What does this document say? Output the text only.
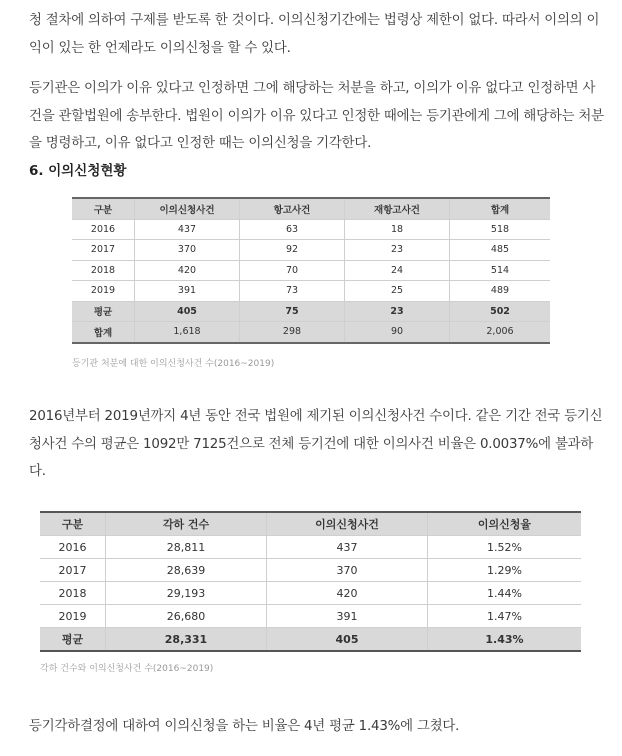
청 절차에 의하여 구제를 받도록 한 것이다. 이의신청기간에는 법령상 제한이 없다. 따라서 이의의 이익이 있는 한 언제라도 이의신청을 할 수 있다.
등기관은 이의가 이유 있다고 인정하면 그에 해당하는 처분을 하고, 이의가 이유 없다고 인정하면 사건을 관할법원에 송부한다. 법원이 이의가 이유 있다고 인정한 때에는 등기관에게 그에 해당하는 처분을 명령하고, 이유 없다고 인정한 때는 이의신청을 기각한다.
6. 이의신청현황
구분	이의신청사건	항고사건	재항고사건	합계
2016	437	63	18	518
2017	370	92	23	485
2018	420	70	24	514
2019	391	73	25	489
평균	405	75	23	502
합계	1,618	298	90	2,006
등기관 처분에 대한 이의신청사건 수(2016~2019)
2016년부터 2019년까지 4년 동안 전국 법원에 제기된 이의신청사건 수이다. 같은 기간 전국 등기신청사건 수의 평균은 1092만 7125건으로 전체 등기건에 대한 이의사건 비율은 0.0037%에 불과하다.
구분	각하 건수	이의신청사건	이의신청율
2016	28,811	437	1.52%
2017	28,639	370	1.29%
2018	29,193	420	1.44%
2019	26,680	391	1.47%
평균	28,331	405	1.43%
각하 건수와 이의신청사건 수(2016~2019)
등기각하결정에 대하여 이의신청을 하는 비율은 4년 평균 1.43%에 그쳤다.
